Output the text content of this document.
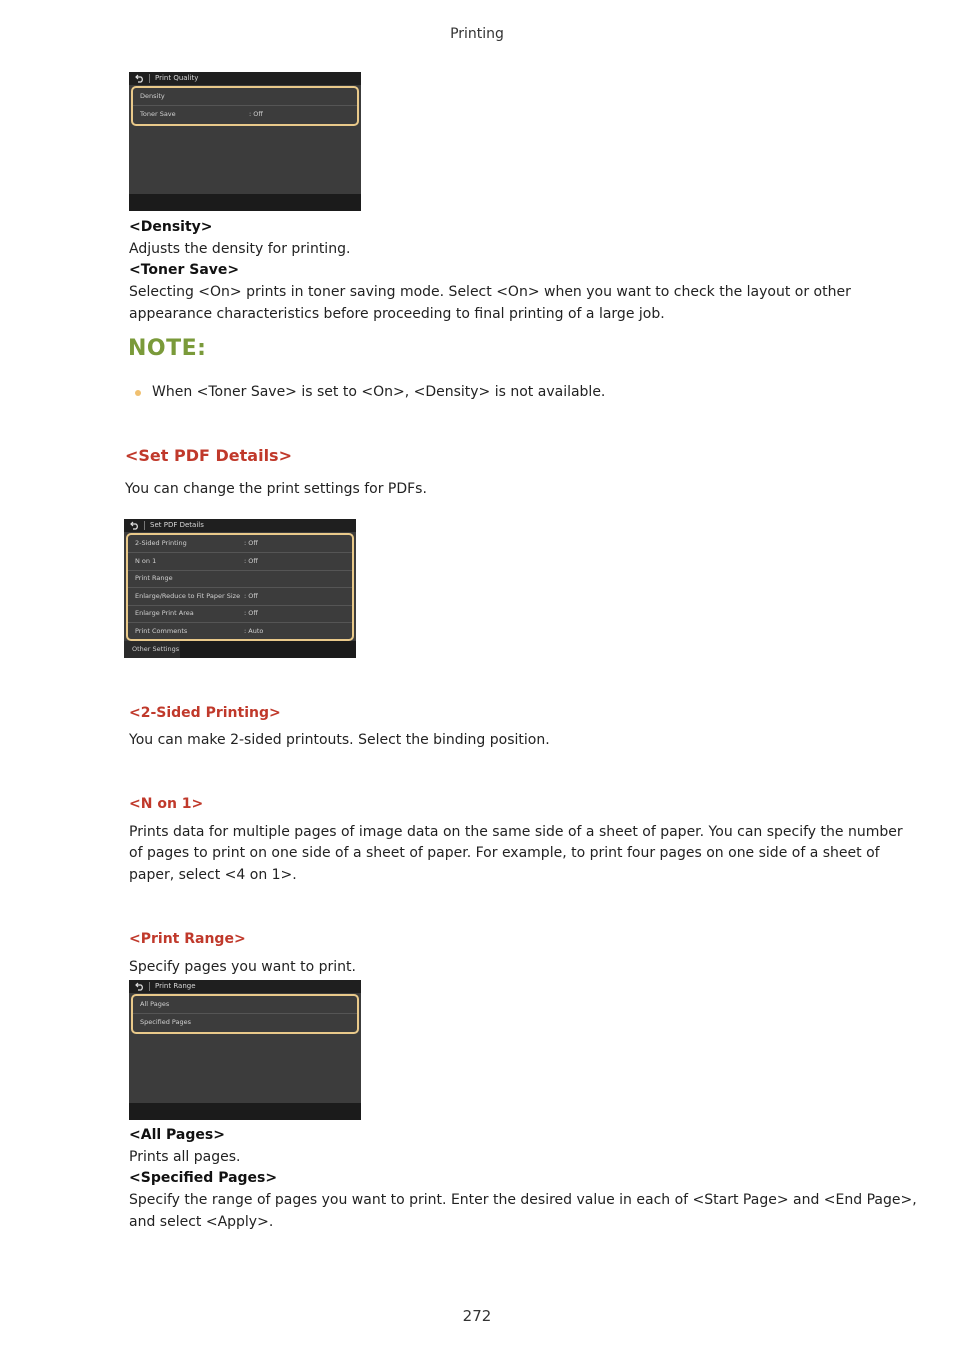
Printing
Print Quality
Density
Toner Save	: Off
<Density>
Adjusts the density for printing.
<Toner Save>
Selecting <On> prints in toner saving mode. Select <On> when you want to check the layout or other
appearance characteristics before proceeding to final printing of a large job.
NOTE:
When <Toner Save> is set to <On>, <Density> is not available.
<Set PDF Details>
You can change the print settings for PDFs.
Set PDF Details
2-Sided Printing	: Off
N on 1	: Off
Print Range
Enlarge/Reduce to Fit Paper Size : Off
Enlarge Print Area	: Off
Print Comments	: Auto
Other Settings
<2-Sided Printing>
You can make 2-sided printouts. Select the binding position.
<N on 1>
Prints data for multiple pages of image data on the same side of a sheet of paper. You can specify the number
of pages to print on one side of a sheet of paper. For example, to print four pages on one side of a sheet of
paper, select <4 on 1>.
<Print Range>
Specify pages you want to print.
Print Range
All Pages
Specified Pages
<All Pages>
Prints all pages.
<Specified Pages>
Specify the range of pages you want to print. Enter the desired value in each of <Start Page> and <End Page>,
and select <Apply>.
272
